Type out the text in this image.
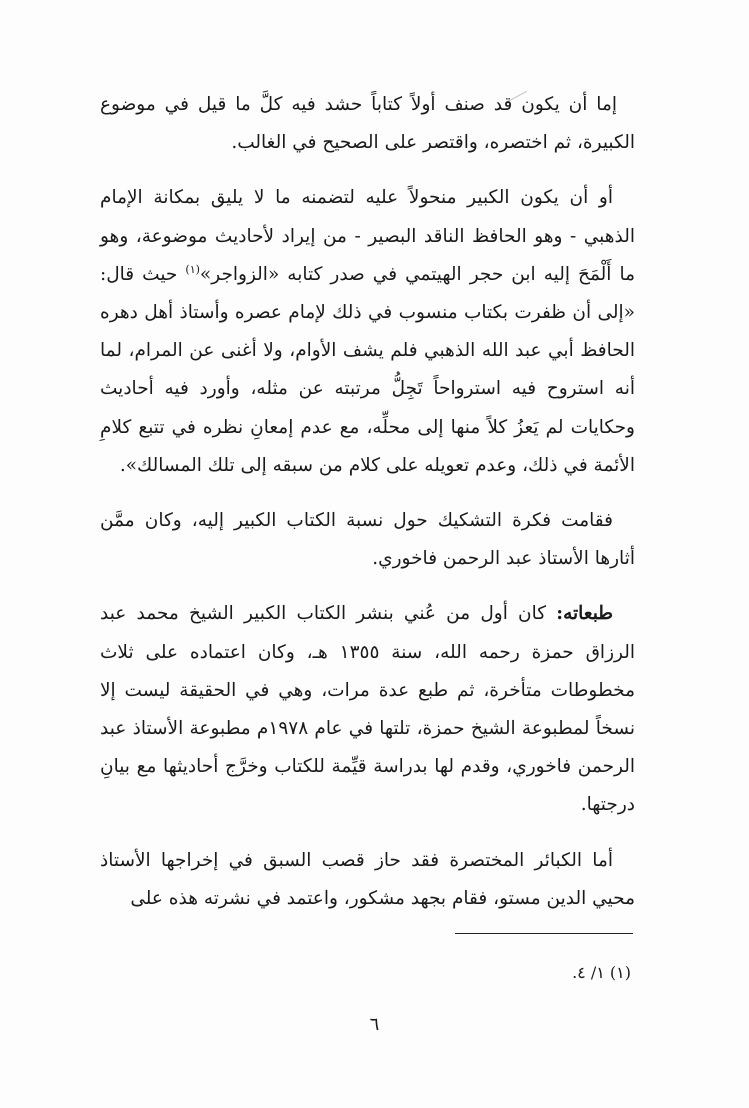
إما أن يكون قد صنف أولاً كتاباً حشد فيه كلَّ ما قيل في موضوع الكبيرة، ثم اختصره، واقتصر على الصحيح في الغالب.

أو أن يكون الكبير منحولاً عليه لتضمنه ما لا يليق بمكانة الإمام الذهبي - وهو الحافظ الناقد البصير - من إيراد لأحاديث موضوعة، وهو ما أَلْمَحَ إليه ابن حجر الهيتمي في صدر كتابه «الزواجر»$^{(١)}$ حيث قال: «إلى أن ظفرت بكتاب منسوب في ذلك لإمام عصره وأستاذ أهل دهره الحافظ أبي عبد الله الذهبي فلم يشف الأوام، ولا أغنى عن المرام، لما أنه استروح فيه استرواحاً تَجِلُّ مرتبته عن مثله، وأورد فيه أحاديث وحكايات لم يَعزُ كلاً منها إلى محلِّه، مع عدم إمعانِ نظره في تتبع كلامِ الأئمة في ذلك، وعدم تعويله على كلام من سبقه إلى تلك المسالك».

فقامت فكرة التشكيك حول نسبة الكتاب الكبير إليه، وكان ممَّن أثارها الأستاذ عبد الرحمن فاخوري.

طبعاته: كان أول من عُني بنشر الكتاب الكبير الشيخ محمد عبد الرزاق حمزة رحمه الله، سنة ١٣٥٥ هـ، وكان اعتماده على ثلاث مخطوطات متأخرة، ثم طبع عدة مرات، وهي في الحقيقة ليست إلا نسخاً لمطبوعة الشيخ حمزة، تلتها في عام ١٩٧٨م مطبوعة الأستاذ عبد الرحمن فاخوري، وقدم لها بدراسة قيِّمة للكتاب وخرَّج أحاديثها مع بيانِ درجتها.

أما الكبائر المختصرة فقد حاز قصب السبق في إخراجها الأستاذ محيي الدين مستو، فقام بجهد مشكور، واعتمد في نشرته هذه على

(١) ١/ ٤.
٦
